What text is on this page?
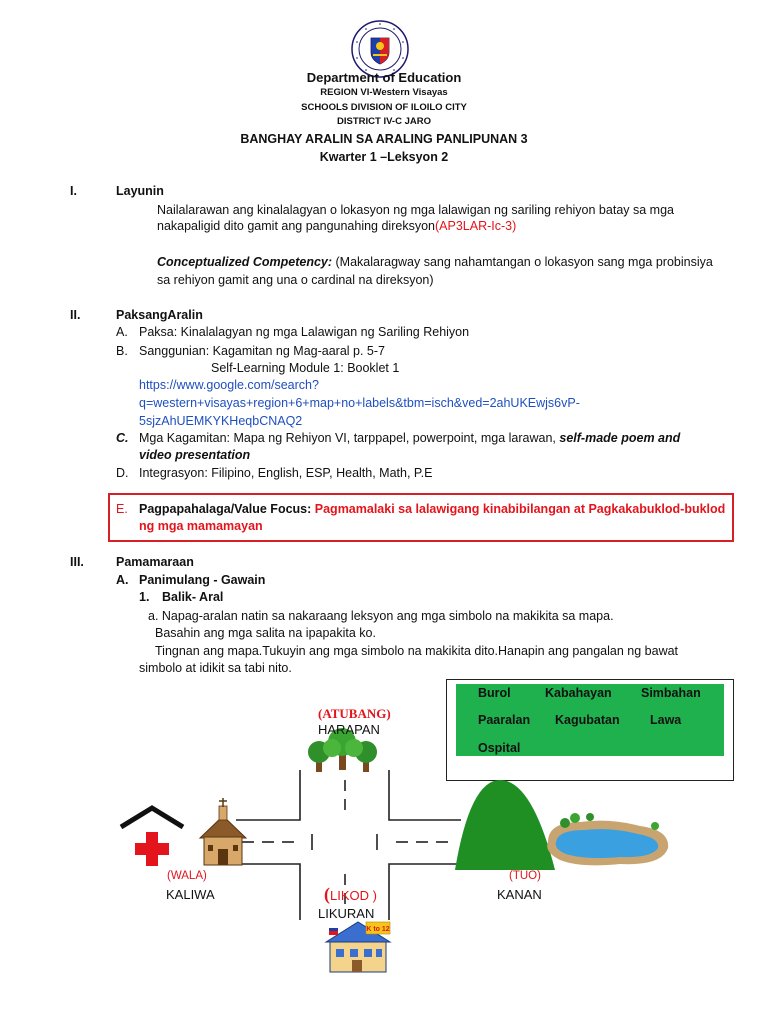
Department of Education
REGION VI-Western Visayas
SCHOOLS DIVISION OF ILOILO CITY
DISTRICT IV-C JARO
BANGHAY ARALIN SA ARALING PANLIPUNAN 3
Kwarter 1 –Leksyon 2
I.	Layunin
Nailalarawan ang kinalalagyan o lokasyon ng mga lalawigan ng sariling rehiyon batay sa mga
nakapaligid dito gamit ang pangunahing direksyon(AP3LAR-Ic-3)
Conceptualized Competency: (Makalaragway sang nahamtangan o lokasyon sang mga probinsiya
sa rehiyon gamit ang una o cardinal na direksyon)
II.	PaksangAralin
A. Paksa: Kinalalagyan ng mga Lalawigan ng Sariling Rehiyon
B. Sanggunian: Kagamitan ng Mag-aaral p. 5-7
Self-Learning Module 1: Booklet 1
https://www.google.com/search?
q=western+visayas+region+6+map+no+labels&tbm=isch&ved=2ahUKEwjs6vP-
5sjzAhUEMKYKHeqbCNAQ2
C. Mga Kagamitan: Mapa ng Rehiyon VI, tarppapel, powerpoint, mga larawan, self-made poem and
video presentation
D. Integrasyon: Filipino, English, ESP, Health, Math, P.E
E. Pagpapahalaga/Value Focus: Pagmamalaki sa lalawigang kinabibilangan at Pagkakabuklod-buklod
ng mga mamamayan
III.	Pamamaraan
A. Panimulang - Gawain
1. Balik- Aral
a. Napag-aralan natin sa nakaraang leksyon ang mga simbolo na makikita sa mapa.
Basahin ang mga salita na ipapakita ko.
Tingnan ang mapa.Tukuyin ang mga simbolo na makikita dito.Hanapin ang pangalan ng bawat
simbolo at idikit sa tabi nito.
Burol	Kabahayan Simbahan
Paaralan Kagubatan Lawa
Ospital
K to 12
(ATUBANG)
HARAPAN
(WALA)
KALIWA
(TUO)
KANAN
(LIKOD )
LIKURAN
